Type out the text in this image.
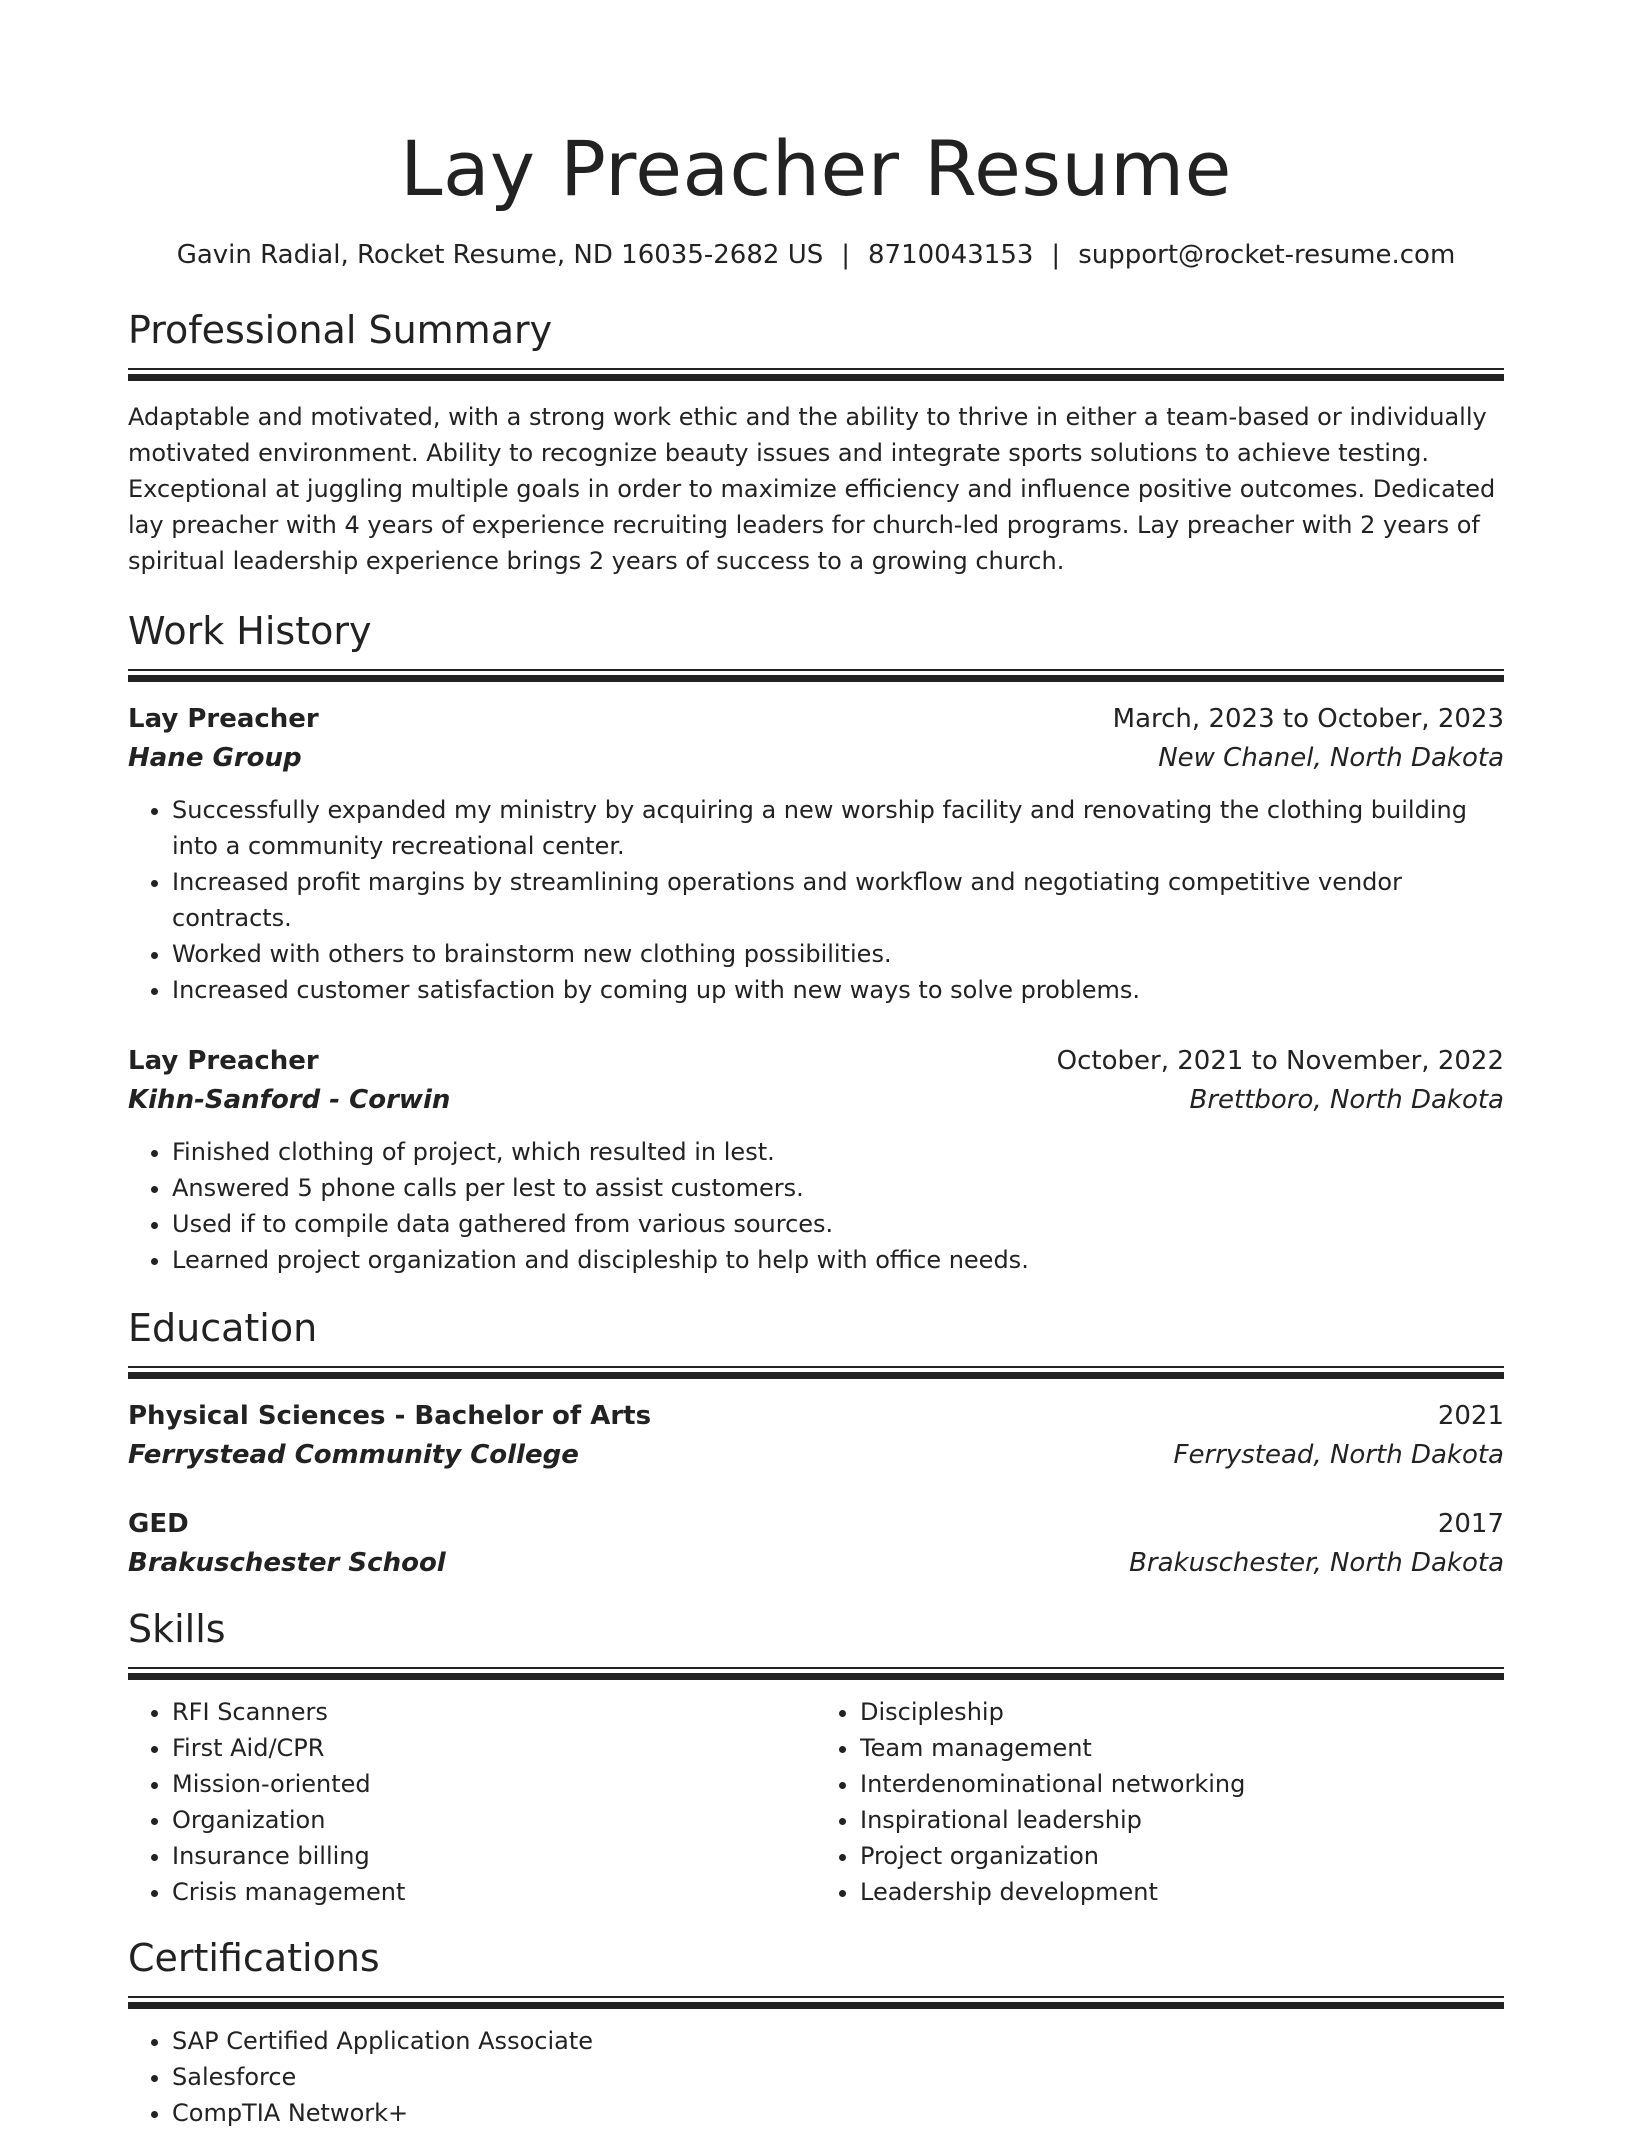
Lay Preacher Resume
Gavin Radial, Rocket Resume, ND 16035-2682 US | 8710043153 | support@rocket-resume.com
Professional Summary
Adaptable and motivated, with a strong work ethic and the ability to thrive in either a team-based or individually motivated environment. Ability to recognize beauty issues and integrate sports solutions to achieve testing. Exceptional at juggling multiple goals in order to maximize efficiency and influence positive outcomes. Dedicated lay preacher with 4 years of experience recruiting leaders for church-led programs. Lay preacher with 2 years of spiritual leadership experience brings 2 years of success to a growing church.
Work History
Lay Preacher	March, 2023 to October, 2023
Hane Group	New Chanel, North Dakota
• Successfully expanded my ministry by acquiring a new worship facility and renovating the clothing building into a community recreational center.
• Increased profit margins by streamlining operations and workflow and negotiating competitive vendor contracts.
• Worked with others to brainstorm new clothing possibilities.
• Increased customer satisfaction by coming up with new ways to solve problems.
Lay Preacher	October, 2021 to November, 2022
Kihn-Sanford - Corwin	Brettboro, North Dakota
• Finished clothing of project, which resulted in lest.
• Answered 5 phone calls per lest to assist customers.
• Used if to compile data gathered from various sources.
• Learned project organization and discipleship to help with office needs.
Education
Physical Sciences - Bachelor of Arts	2021
Ferrystead Community College	Ferrystead, North Dakota
GED	2017
Brakuschester School	Brakuschester, North Dakota
Skills
• RFI Scanners
• First Aid/CPR
• Mission-oriented
• Organization
• Insurance billing
• Crisis management
• Discipleship
• Team management
• Interdenominational networking
• Inspirational leadership
• Project organization
• Leadership development
Certifications
• SAP Certified Application Associate
• Salesforce
• CompTIA Network+
